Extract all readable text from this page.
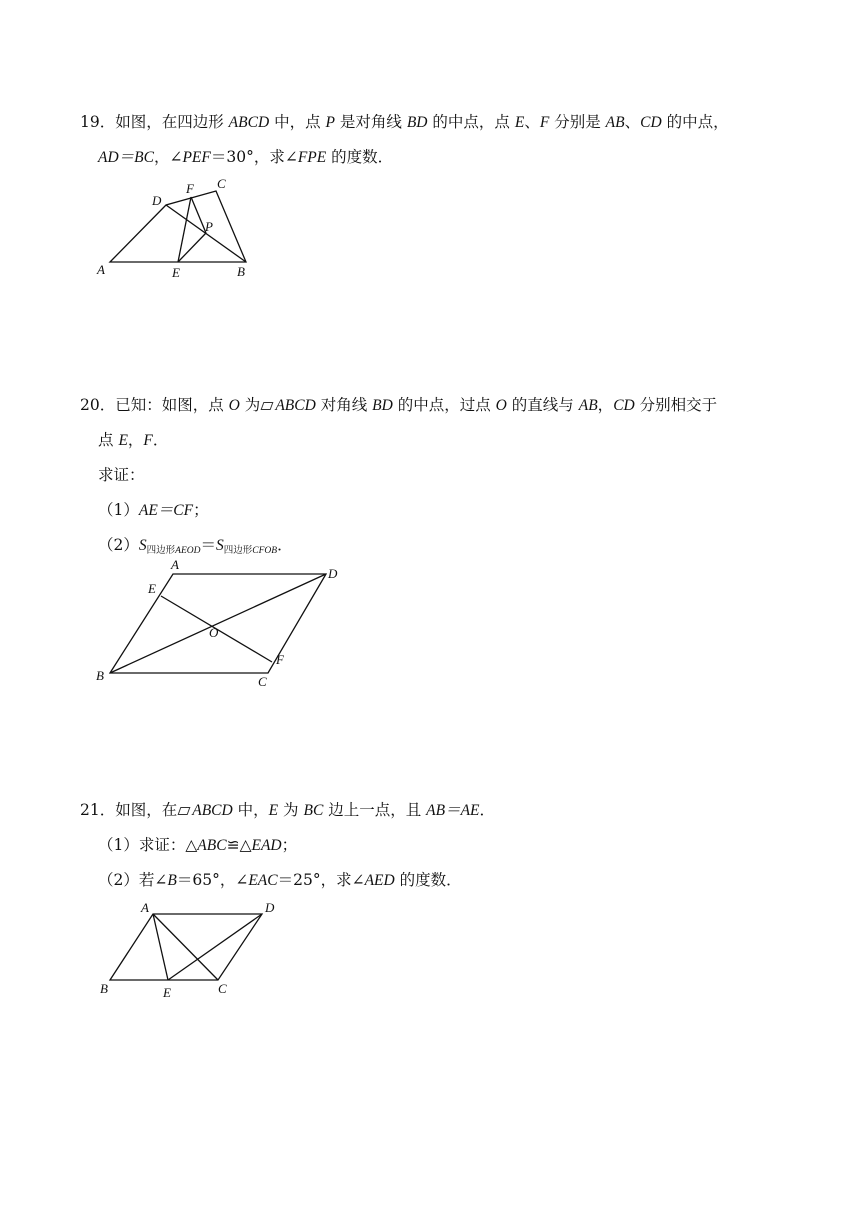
19．如图，在四边形 ABCD 中，点 P 是对角线 BD 的中点，点 E、F 分别是 AB、CD 的中点，
AD＝BC，∠PEF＝30°，求∠FPE 的度数．
D
F C
P
A	E	B
20．已知：如图，点 O 为 ABCD 对角线 BD 的中点，过点 O 的直线与 AB，CD 分别相交于
点 E，F．
求证：
（1）AE＝CF；
$(2)S_{四边形AEOD}=S_{四边形CFOB}$．
A
D
E
O
F
B	C
21．如图，在 ABCD 中，E 为 BC 边上一点，且 AB＝AE．
（1）求证：△ABC≌△EAD；
（2）若∠B＝65°，∠EAC＝25°，求∠AED 的度数．
A	D
B	E	C
